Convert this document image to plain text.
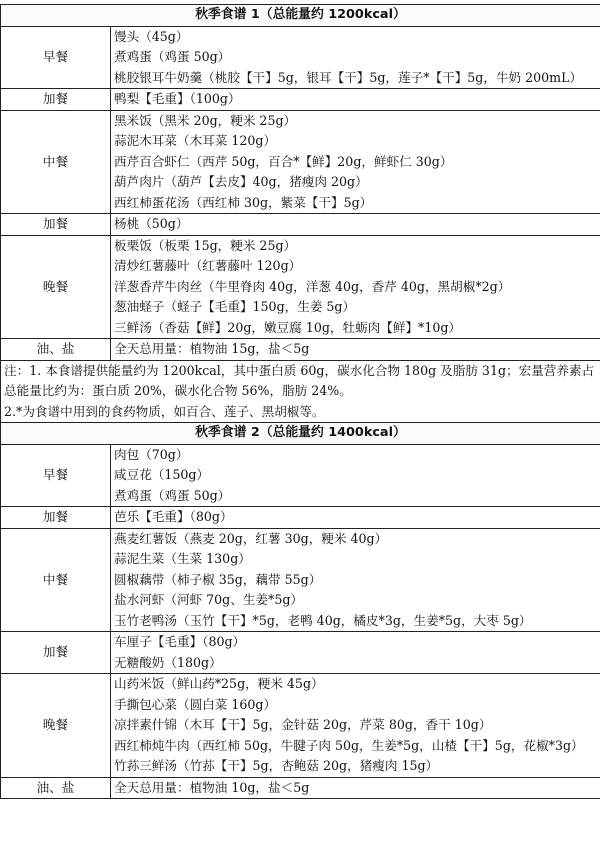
秋季食谱 1（总能量约 1200kcal）	
早餐	馒头（45g）
煮鸡蛋（鸡蛋 50g）
桃胶银耳牛奶羹（桃胶【干】5g，银耳【干】5g，莲子*【干】5g，牛奶 200mL）

加餐	鸭梨【毛重】（100g）

中餐	黑米饭（黑米 20g，粳米 25g）
蒜泥木耳菜（木耳菜 120g）
西芹百合虾仁（西芹 50g，百合*【鲜】20g，鲜虾仁 30g）
葫芦肉片（葫芦【去皮】40g，猪瘦肉 20g）
西红柿蛋花汤（西红柿 30g，紫菜【干】5g）

加餐	杨桃（50g）

晚餐	板栗饭（板栗 15g，粳米 25g）
清炒红薯藤叶（红薯藤叶 120g）
洋葱香芹牛肉丝（牛里脊肉 40g，洋葱 40g，香芹 40g，黑胡椒*2g）
葱油蛏子（蛏子【毛重】150g，生姜 5g）
三鲜汤（香菇【鲜】20g，嫩豆腐 10g，牡蛎肉【鲜】*10g）

油、盐	全天总用量：植物油 15g，盐＜5g

注：1. 本食谱提供能量约为 1200kcal，其中蛋白质 60g，碳水化合物 180g 及脂肪 31g；宏量营养素占总能量比约为：蛋白质 20%，碳水化合物 56%，脂肪 24%。
2.*为食谱中用到的食药物质，如百合、莲子、黑胡椒等。	

秋季食谱 2（总能量约 1400kcal）	
早餐	肉包（70g）
咸豆花（150g）
煮鸡蛋（鸡蛋 50g）

加餐	芭乐【毛重】（80g）

中餐	燕麦红薯饭（燕麦 20g，红薯 30g，粳米 40g）
蒜泥生菜（生菜 130g）
圆椒藕带（柿子椒 35g，藕带 55g）
盐水河虾（河虾 70g、生姜*5g）
玉竹老鸭汤（玉竹【干】*5g，老鸭 40g，橘皮*3g，生姜*5g，大枣 5g）

加餐	车厘子【毛重】（80g）
无糖酸奶（180g）

晚餐	山药米饭（鲜山药*25g，粳米 45g）
手撕包心菜（圆白菜 160g）
凉拌素什锦（木耳【干】5g，金针菇 20g，芹菜 80g，香干 10g）
西红柿炖牛肉（西红柿 50g，牛腱子肉 50g，生姜*5g，山楂【干】5g，花椒*3g）
竹荪三鲜汤（竹荪【干】5g，杏鲍菇 20g，猪瘦肉 15g）

油、盐	全天总用量：植物油 10g，盐＜5g
